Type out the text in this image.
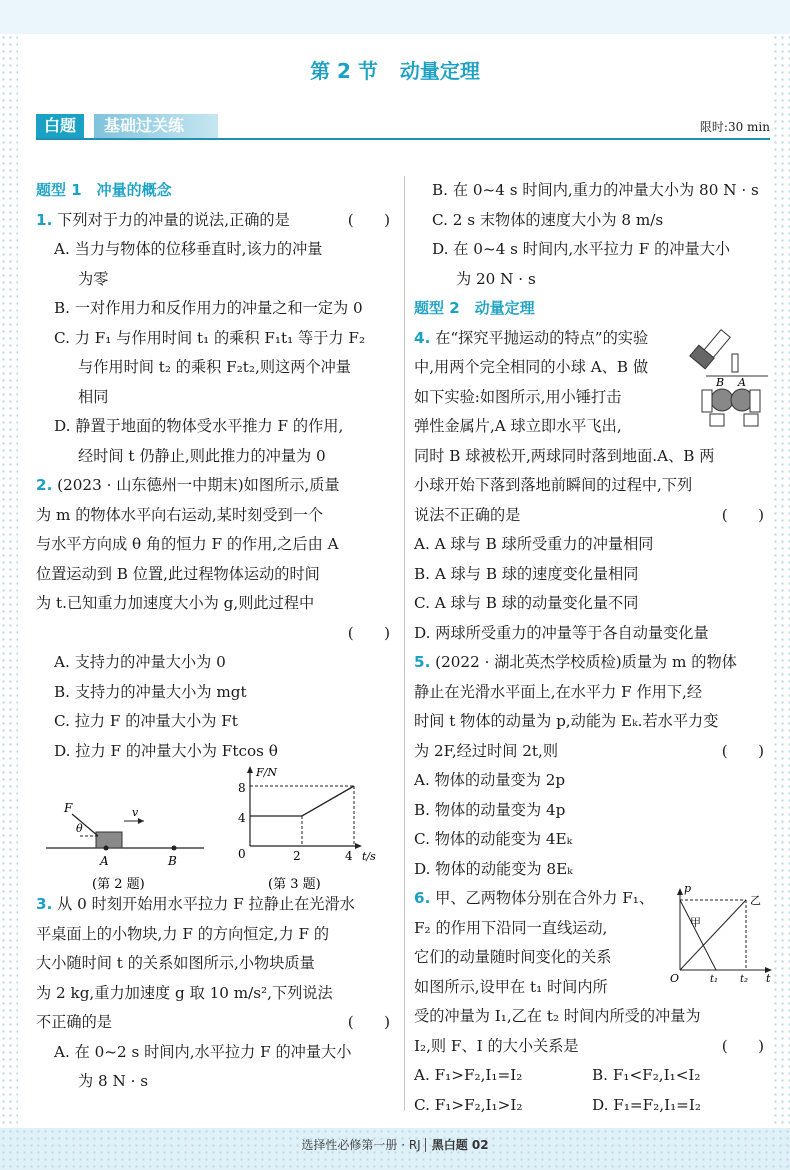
第 2 节 动量定理
白题	基础过关练	限时:30 min
题型 1　冲量的概念
1. 下列对于力的冲量的说法,正确的是	(　　)
A. 当力与物体的位移垂直时,该力的冲量
为零
B. 一对作用力和反作用力的冲量之和一定为 0
C. 力 F₁ 与作用时间 t₁ 的乘积 F₁t₁ 等于力 F₂
与作用时间 t₂ 的乘积 F₂t₂,则这两个冲量
相同
D. 静置于地面的物体受水平推力 F 的作用,
经时间 t 仍静止,则此推力的冲量为 0
2. (2023 · 山东德州一中期末)如图所示,质量
为 m 的物体水平向右运动,某时刻受到一个
与水平方向成 θ 角的恒力 F 的作用,之后由 A
位置运动到 B 位置,此过程物体运动的时间
为 t.已知重力加速度大小为 g,则此过程中
(　　)
A. 支持力的冲量大小为 0
B. 支持力的冲量大小为 mgt
C. 拉力 F 的冲量大小为 Ft
D. 拉力 F 的冲量大小为 Ftcos θ
F
θ
v
A	B
(第 2 题)
F/N
t/s
0
8
4
2	4
(第 3 题)
3. 从 0 时刻开始用水平拉力 F 拉静止在光滑水
平桌面上的小物块,力 F 的方向恒定,力 F 的
大小随时间 t 的关系如图所示,小物块质量
为 2 kg,重力加速度 g 取 10 m/s²,下列说法
不正确的是	(　　)
A. 在 0~2 s 时间内,水平拉力 F 的冲量大小
为 8 N · s
B. 在 0~4 s 时间内,重力的冲量大小为 80 N · s
C. 2 s 末物体的速度大小为 8 m/s
D. 在 0~4 s 时间内,水平拉力 F 的冲量大小
为 20 N · s
题型 2　动量定理
B A
4. 在“探究平抛运动的特点”的实验
中,用两个完全相同的小球 A、B 做
如下实验:如图所示,用小锤打击
弹性金属片,A 球立即水平飞出,
同时 B 球被松开,两球同时落到地面.A、B 两
小球开始下落到落地前瞬间的过程中,下列
说法不正确的是	(　　)
A. A 球与 B 球所受重力的冲量相同
B. A 球与 B 球的速度变化量相同
C. A 球与 B 球的动量变化量不同
D. 两球所受重力的冲量等于各自动量变化量
5. (2022 · 湖北英杰学校质检)质量为 m 的物体
静止在光滑水平面上,在水平力 F 作用下,经
时间 t 物体的动量为 p,动能为 Eₖ.若水平力变
为 2F,经过时间 2t,则	(　　)
A. 物体的动量变为 2p
B. 物体的动量变为 4p
C. 物体的动能变为 4Eₖ
D. 物体的动能变为 8Eₖ
p
t
O
甲
乙
t₁ t₂
6. 甲、乙两物体分别在合外力 F₁、
F₂ 的作用下沿同一直线运动,
它们的动量随时间变化的关系
如图所示,设甲在 t₁ 时间内所
受的冲量为 I₁,乙在 t₂ 时间内所受的冲量为
I₂,则 F、I 的大小关系是	(　　)
A. F₁>F₂,I₁=I₂	B. F₁<F₂,I₁<I₂
C. F₁>F₂,I₁>I₂	D. F₁=F₂,I₁=I₂
选择性必修第一册 · RJ 黑白题 02
